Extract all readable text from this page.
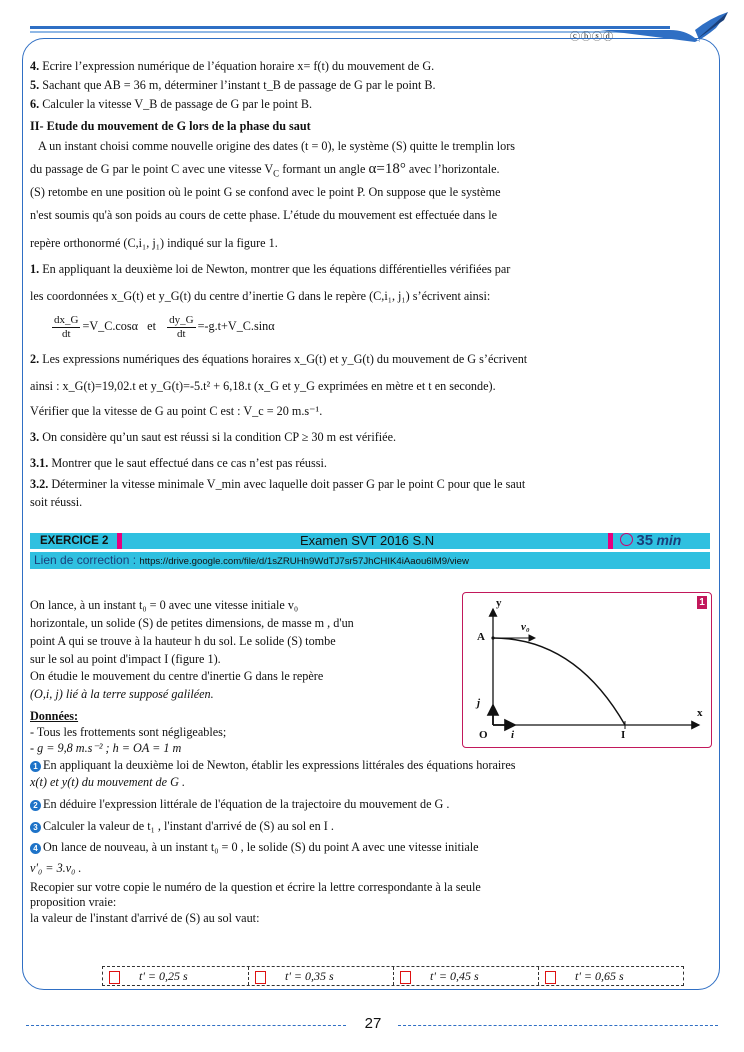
ⓒⓑⓢⓓ
4. Ecrire l’expression numérique de l’équation horaire x= f(t) du mouvement de G.
5. Sachant que AB = 36 m, déterminer l’instant t_B de passage de G par le point B.
6. Calculer la vitesse V_B de passage de G par le point B.
II- Etude du mouvement de G lors de la phase du saut
A un instant choisi comme nouvelle origine des dates (t = 0), le système (S) quitte le tremplin lors
du passage de G par le point C avec une vitesse $V_C$ formant un angle α=18° avec l’horizontale.
(S) retombe en une position où le point G se confond avec le point P. On suppose que le système
n'est soumis qu'à son poids au cours de cette phase. L’étude du mouvement est effectuée dans le
repère orthonormé (C,i₁, j₁) indiqué sur la figure 1.
1. En appliquant la deuxième loi de Newton, montrer que les équations différentielles vérifiées par
les coordonnées x_G(t) et y_G(t) du centre d’inertie G dans le repère (C,i₁, j₁) s’écrivent ainsi:
$\frac{dx\_G}{dt}$ =V_C.cosα et $\frac{dy\_G}{dt}$ =-g.t+V_C.sinα
2. Les expressions numériques des équations horaires x_G(t) et y_G(t) du mouvement de G s’écrivent
ainsi : x_G(t)=19,02.t et y_G(t)=-5.t² + 6,18.t (x_G et y_G exprimées en mètre et t en seconde).
Vérifier que la vitesse de G au point C est : V_c = 20 m.s⁻¹.
3. On considère qu’un saut est réussi si la condition CP ≥ 30 m est vérifiée.
3.1. Montrer que le saut effectué dans ce cas n’est pas réussi.
3.2. Déterminer la vitesse minimale V_min avec laquelle doit passer G par le point C pour que le saut
soit réussi.
EXERCICE 2	Examen SVT 2016 S.N	35 min
Lien de correction : https://drive.google.com/file/d/1sZRUHh9WdTJ7sr57JhCHIK4iAaou6lM9/view
On lance, à un instant t₀ = 0 avec une vitesse initiale v₀
horizontale, un solide (S) de petites dimensions, de masse m , d'un
point A qui se trouve à la hauteur h du sol. Le solide (S) tombe
sur le sol au point d'impact I (figure 1).
On étudie le mouvement du centre d'inertie G dans le repère
(O,i, j) lié à la terre supposé galiléen.
Données:
- Tous les frottements sont négligeables;
- g = 9,8 m.s⁻² ; h = OA = 1 m
1
y
x
A
O	I
v₀
i
j
1 En appliquant la deuxième loi de Newton, établir les expressions littérales des équations horaires
x(t) et y(t) du mouvement de G .
2 En déduire l'expression littérale de l'équation de la trajectoire du mouvement de G .
3 Calculer la valeur de t₁ , l'instant d'arrivé de (S) au sol en I .
4 On lance de nouveau, à un instant t₀ = 0 , le solide (S) du point A avec une vitesse initiale
v'₀ = 3.v₀ .
Recopier sur votre copie le numéro de la question et écrire la lettre correspondante à la seule
proposition vraie:
la valeur de l'instant d'arrivé de (S) au sol vaut:
t' = 0,25 s	t' = 0,35 s	t' = 0,45 s	t' = 0,65 s
27
